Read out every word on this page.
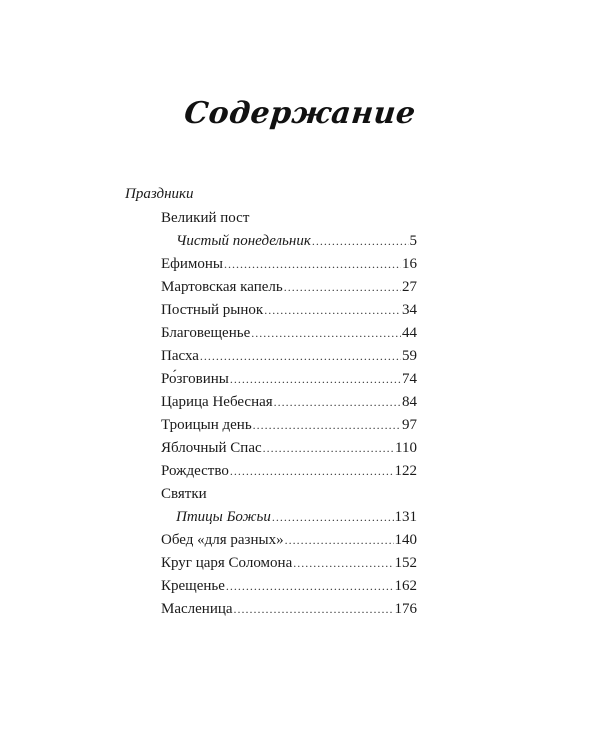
Содержание
Праздники
Великий пост
Чистый понедельник .....	5
Ефимоны .....	16
Мартовская капель .....	27
Постный рынок .....	34
Благовещенье .....	44
Пасха .....	59
Ро́зговины .....	74
Царица Небесная .....	84
Троицын день .....	97
Яблочный Спас .....	110
Рождество .....	122
Святки
Птицы Божьи .....	131
Обед «для разных» .....	140
Круг царя Соломона .....	152
Крещенье .....	162
Масленица .....	176
